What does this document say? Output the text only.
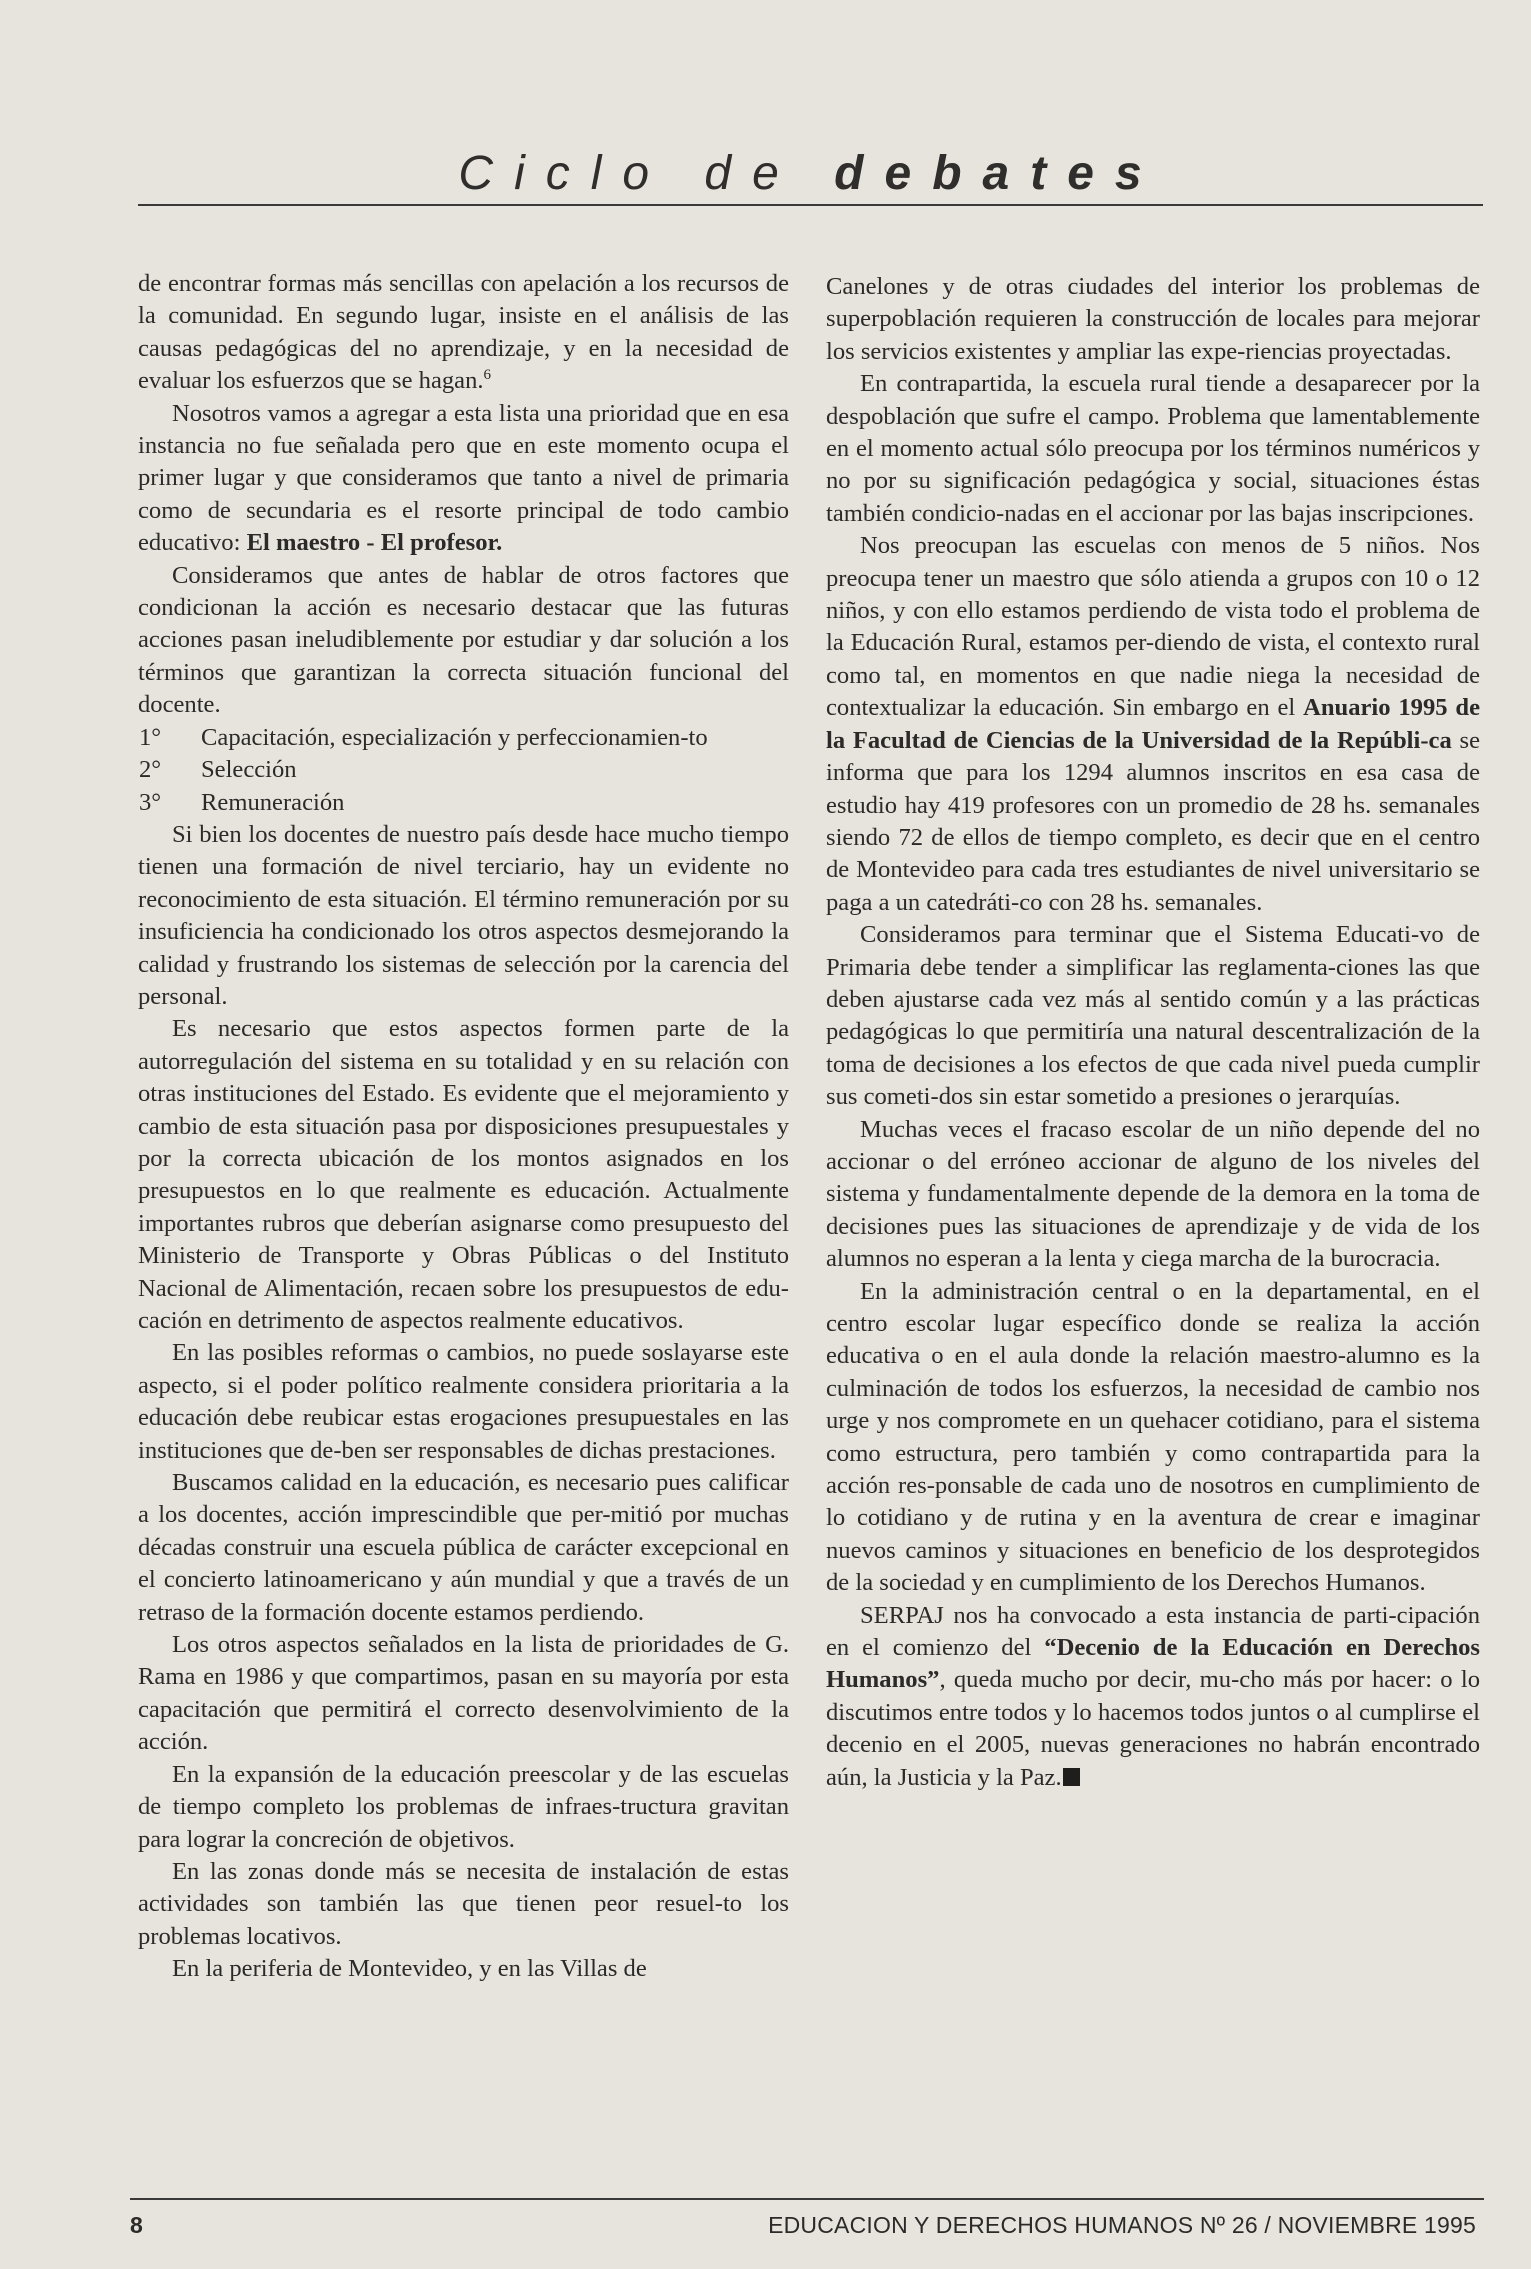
Ciclo de debates

de encontrar formas más sencillas con apelación a los recursos de la comunidad. En segundo lugar, insiste en el análisis de las causas pedagógicas del no aprendizaje, y en la necesidad de evaluar los esfuerzos que se hagan.$^6$

Nosotros vamos a agregar a esta lista una prioridad que en esa instancia no fue señalada pero que en este momento ocupa el primer lugar y que consideramos que tanto a nivel de primaria como de secundaria es el resorte principal de todo cambio educativo: El maestro - El profesor.

Consideramos que antes de hablar de otros factores que condicionan la acción es necesario destacar que las futuras acciones pasan ineludiblemente por estudiar y dar solución a los términos que garantizan la correcta situación funcional del docente.

1° Capacitación, especialización y perfeccionamien-to
2° Selección
3° Remuneración

Si bien los docentes de nuestro país desde hace mucho tiempo tienen una formación de nivel terciario, hay un evidente no reconocimiento de esta situación. El término remuneración por su insuficiencia ha condicionado los otros aspectos desmejorando la calidad y frustrando los sistemas de selección por la carencia del personal.

Es necesario que estos aspectos formen parte de la autorregulación del sistema en su totalidad y en su relación con otras instituciones del Estado. Es evidente que el mejoramiento y cambio de esta situación pasa por disposiciones presupuestales y por la correcta ubicación de los montos asignados en los presupuestos en lo que realmente es educación. Actualmente importantes rubros que deberían asignarse como presupuesto del Ministerio de Transporte y Obras Públicas o del Instituto Nacional de Alimentación, recaen sobre los presupuestos de edu-cación en detrimento de aspectos realmente educativos.

En las posibles reformas o cambios, no puede soslayarse este aspecto, si el poder político realmente considera prioritaria a la educación debe reubicar estas erogaciones presupuestales en las instituciones que de-ben ser responsables de dichas prestaciones.

Buscamos calidad en la educación, es necesario pues calificar a los docentes, acción imprescindible que per-mitió por muchas décadas construir una escuela pública de carácter excepcional en el concierto latinoamericano y aún mundial y que a través de un retraso de la formación docente estamos perdiendo.

Los otros aspectos señalados en la lista de prioridades de G. Rama en 1986 y que compartimos, pasan en su mayoría por esta capacitación que permitirá el correcto desenvolvimiento de la acción.

En la expansión de la educación preescolar y de las escuelas de tiempo completo los problemas de infraes-tructura gravitan para lograr la concreción de objetivos.

En las zonas donde más se necesita de instalación de estas actividades son también las que tienen peor resuel-to los problemas locativos.

En la periferia de Montevideo, y en las Villas de

Canelones y de otras ciudades del interior los problemas de superpoblación requieren la construcción de locales para mejorar los servicios existentes y ampliar las expe-riencias proyectadas.

En contrapartida, la escuela rural tiende a desaparecer por la despoblación que sufre el campo. Problema que lamentablemente en el momento actual sólo preocupa por los términos numéricos y no por su significación pedagógica y social, situaciones éstas también condicio-nadas en el accionar por las bajas inscripciones.

Nos preocupan las escuelas con menos de 5 niños. Nos preocupa tener un maestro que sólo atienda a grupos con 10 o 12 niños, y con ello estamos perdiendo de vista todo el problema de la Educación Rural, estamos per-diendo de vista, el contexto rural como tal, en momentos en que nadie niega la necesidad de contextualizar la educación. Sin embargo en el Anuario 1995 de la Facultad de Ciencias de la Universidad de la Repúbli-ca se informa que para los 1294 alumnos inscritos en esa casa de estudio hay 419 profesores con un promedio de 28 hs. semanales siendo 72 de ellos de tiempo completo, es decir que en el centro de Montevideo para cada tres estudiantes de nivel universitario se paga a un catedráti-co con 28 hs. semanales.

Consideramos para terminar que el Sistema Educati-vo de Primaria debe tender a simplificar las reglamenta-ciones las que deben ajustarse cada vez más al sentido común y a las prácticas pedagógicas lo que permitiría una natural descentralización de la toma de decisiones a los efectos de que cada nivel pueda cumplir sus cometi-dos sin estar sometido a presiones o jerarquías.

Muchas veces el fracaso escolar de un niño depende del no accionar o del erróneo accionar de alguno de los niveles del sistema y fundamentalmente depende de la demora en la toma de decisiones pues las situaciones de aprendizaje y de vida de los alumnos no esperan a la lenta y ciega marcha de la burocracia.

En la administración central o en la departamental, en el centro escolar lugar específico donde se realiza la acción educativa o en el aula donde la relación maestro-alumno es la culminación de todos los esfuerzos, la necesidad de cambio nos urge y nos compromete en un quehacer cotidiano, para el sistema como estructura, pero también y como contrapartida para la acción res-ponsable de cada uno de nosotros en cumplimiento de lo cotidiano y de rutina y en la aventura de crear e imaginar nuevos caminos y situaciones en beneficio de los desprotegidos de la sociedad y en cumplimiento de los Derechos Humanos.

SERPAJ nos ha convocado a esta instancia de parti-cipación en el comienzo del “Decenio de la Educación en Derechos Humanos”, queda mucho por decir, mu-cho más por hacer: o lo discutimos entre todos y lo hacemos todos juntos o al cumplirse el decenio en el 2005, nuevas generaciones no habrán encontrado aún, la Justicia y la Paz.

8	EDUCACION Y DERECHOS HUMANOS Nº 26 / NOVIEMBRE 1995
